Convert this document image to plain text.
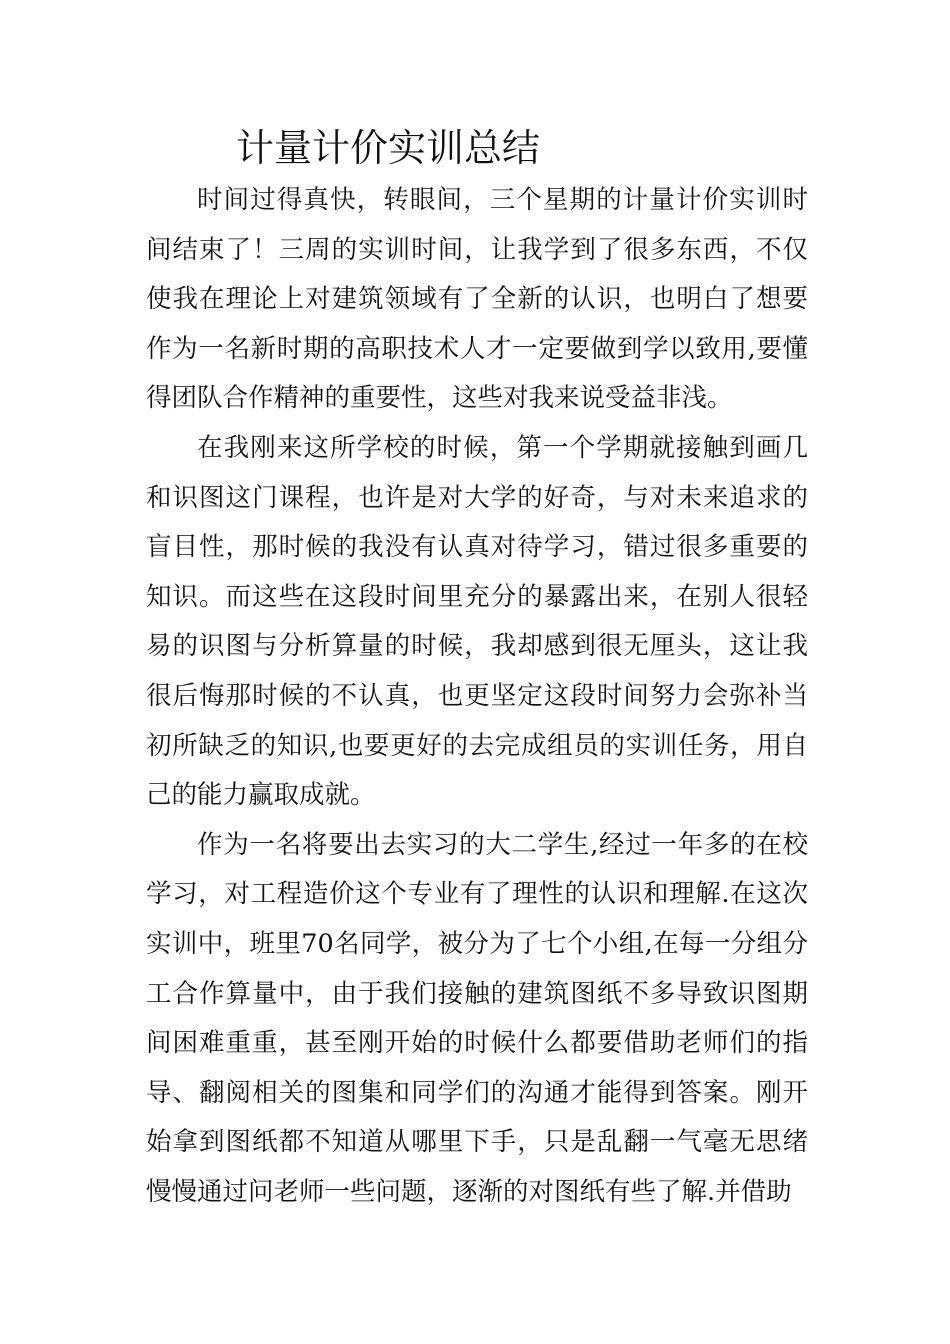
计量计价实训总结

时间过得真快，转眼间，三个星期的计量计价实训时间结束了！三周的实训时间，让我学到了很多东西，不仅使我在理论上对建筑领域有了全新的认识，也明白了想要作为一名新时期的高职技术人才一定要做到学以致用,要懂得团队合作精神的重要性，这些对我来说受益非浅。

在我刚来这所学校的时候，第一个学期就接触到画几和识图这门课程，也许是对大学的好奇，与对未来追求的盲目性，那时候的我没有认真对待学习，错过很多重要的知识。而这些在这段时间里充分的暴露出来，在别人很轻易的识图与分析算量的时候，我却感到很无厘头，这让我很后悔那时候的不认真，也更坚定这段时间努力会弥补当初所缺乏的知识,也要更好的去完成组员的实训任务，用自己的能力赢取成就。

作为一名将要出去实习的大二学生,经过一年多的在校学习，对工程造价这个专业有了理性的认识和理解.在这次实训中，班里70名同学，被分为了七个小组,在每一分组分工合作算量中，由于我们接触的建筑图纸不多导致识图期间困难重重，甚至刚开始的时候什么都要借助老师们的指导、翻阅相关的图集和同学们的沟通才能得到答案。刚开始拿到图纸都不知道从哪里下手，只是乱翻一气毫无思绪慢慢通过问老师一些问题，逐渐的对图纸有些了解.并借助
